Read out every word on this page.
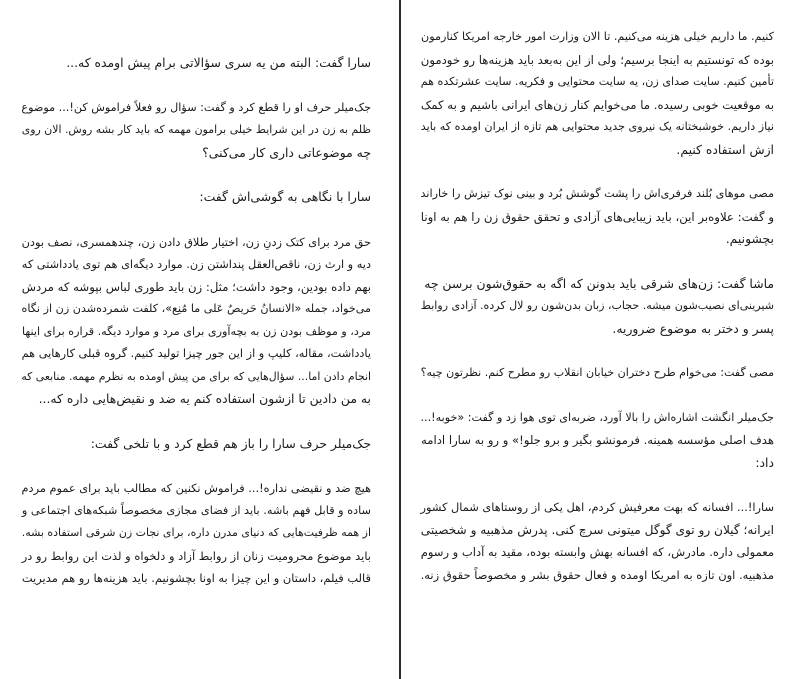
سارا گفت: البته من یه سری سؤالاتی برام پیش اومده که...

جک‌میلر حرف او را قطع کرد و گفت: سؤال رو فعلاً فراموش کن!... موضوع
ظلم به زن در این شرایط خیلی برامون مهمه که باید کار بشه روش. الان روی
چه موضوعاتی داری کار می‌کنی؟

سارا با نگاهی به گوشی‌اش گفت:

حق مرد برای کتک زدنِ زن، اختیار طلاق دادن زن، چندهمسری، نصف بودن
دیه و ارث زن، ناقص‌العقل پنداشتن زن. موارد دیگه‌ای هم توی یادداشتی که
بهم داده بودین، وجود داشت؛ مثل: زن باید طوری لباس بپوشه که مردش
می‌خواد، جمله «الانسانُ حَریصٌ عَلی ما مُنِع»، کلفت شمرده‌شدن زن از نگاه
مرد، و موظف بودن زن به بچه‌آوری برای مرد و موارد دیگه. قراره برای اینها
یادداشت، مقاله، کلیپ و از این جور چیزا تولید کنیم. گروه قبلی کارهایی هم
انجام دادن اما... سؤال‌هایی که برای من پیش اومده به نظرم مهمه. منابعی که
به من دادین تا ازشون استفاده کنم یه ضد و نقیض‌هایی داره که...

جک‌میلر حرف سارا را باز هم قطع کرد و با تلخی گفت:

هیچ ضد و نقیضی نداره!... فراموش نکنین که مطالب باید برای عموم مردم
ساده و قابل فهم باشه. باید از فضای مجازی مخصوصاً شبکه‌های اجتماعی و
از همه ظرفیت‌هایی که دنیای مدرن داره، برای نجات زن شرقی استفاده بشه.
باید موضوع محرومیت زنان از روابط آزاد و دلخواه و لذت این روابط رو در
قالب فیلم، داستان و این چیزا به اونا بچشونیم. باید هزینه‌ها رو هم مدیریت

کنیم. ما داریم خیلی هزینه می‌کنیم. تا الان وزارت امور خارجه امریکا کنارمون
بوده که تونستیم به اینجا برسیم؛ ولی از این به‌بعد باید هزینه‌ها رو خودمون
تأمین کنیم. سایت صدای زن، یه سایت محتوایی و فکریه. سایت عشرتکده هم
به موقعیت خوبی رسیده. ما می‌خوایم کنار زن‌های ایرانی باشیم و به کمک
نیاز داریم. خوشبختانه یک نیروی جدید محتوایی هم تازه از ایران اومده که باید
ازش استفاده کنیم.

مصی موهای بُلند فرفری‌اش را پشت گوشش بُرد و بینی نوک تیزش را خاراند
و گفت: علاوه‌بر این، باید زیبایی‌های آزادی و تحقق حقوق زن را هم به اونا
بچشونیم.

ماشا گفت: زن‌های شرقی باید بدونن که اگه به حقوق‌شون برسن چه
شیرینی‌ای نصیب‌شون میشه. حجاب، زبان بدن‌شون رو لال کرده. آزادی روابط
پسر و دختر به موضوع ضروریه.

مصی گفت: می‌خوام طرح دختران خیابان انقلاب رو مطرح کنم. نظرتون چیه؟

جک‌میلر انگشت اشاره‌اش را بالا آورد، ضربه‌ای توی هوا زد و گفت: «خوبه!...
هدف اصلی مؤسسه همینه. فرمونشو بگیر و برو جلو!» و رو به سارا ادامه
داد:

سارا!... افسانه که بهت معرفیش کردم، اهل یکی از روستاهای شمال کشور
ایرانه؛ گیلان رو توی گوگل میتونی سرچ کنی. پدرش مذهبیه و شخصیتی
معمولی داره. مادرش، که افسانه بهش وابسته بوده، مقید به آداب و رسوم
مذهبیه. اون تازه به امریکا اومده و فعال حقوق بشر و مخصوصاً حقوق زنه.
